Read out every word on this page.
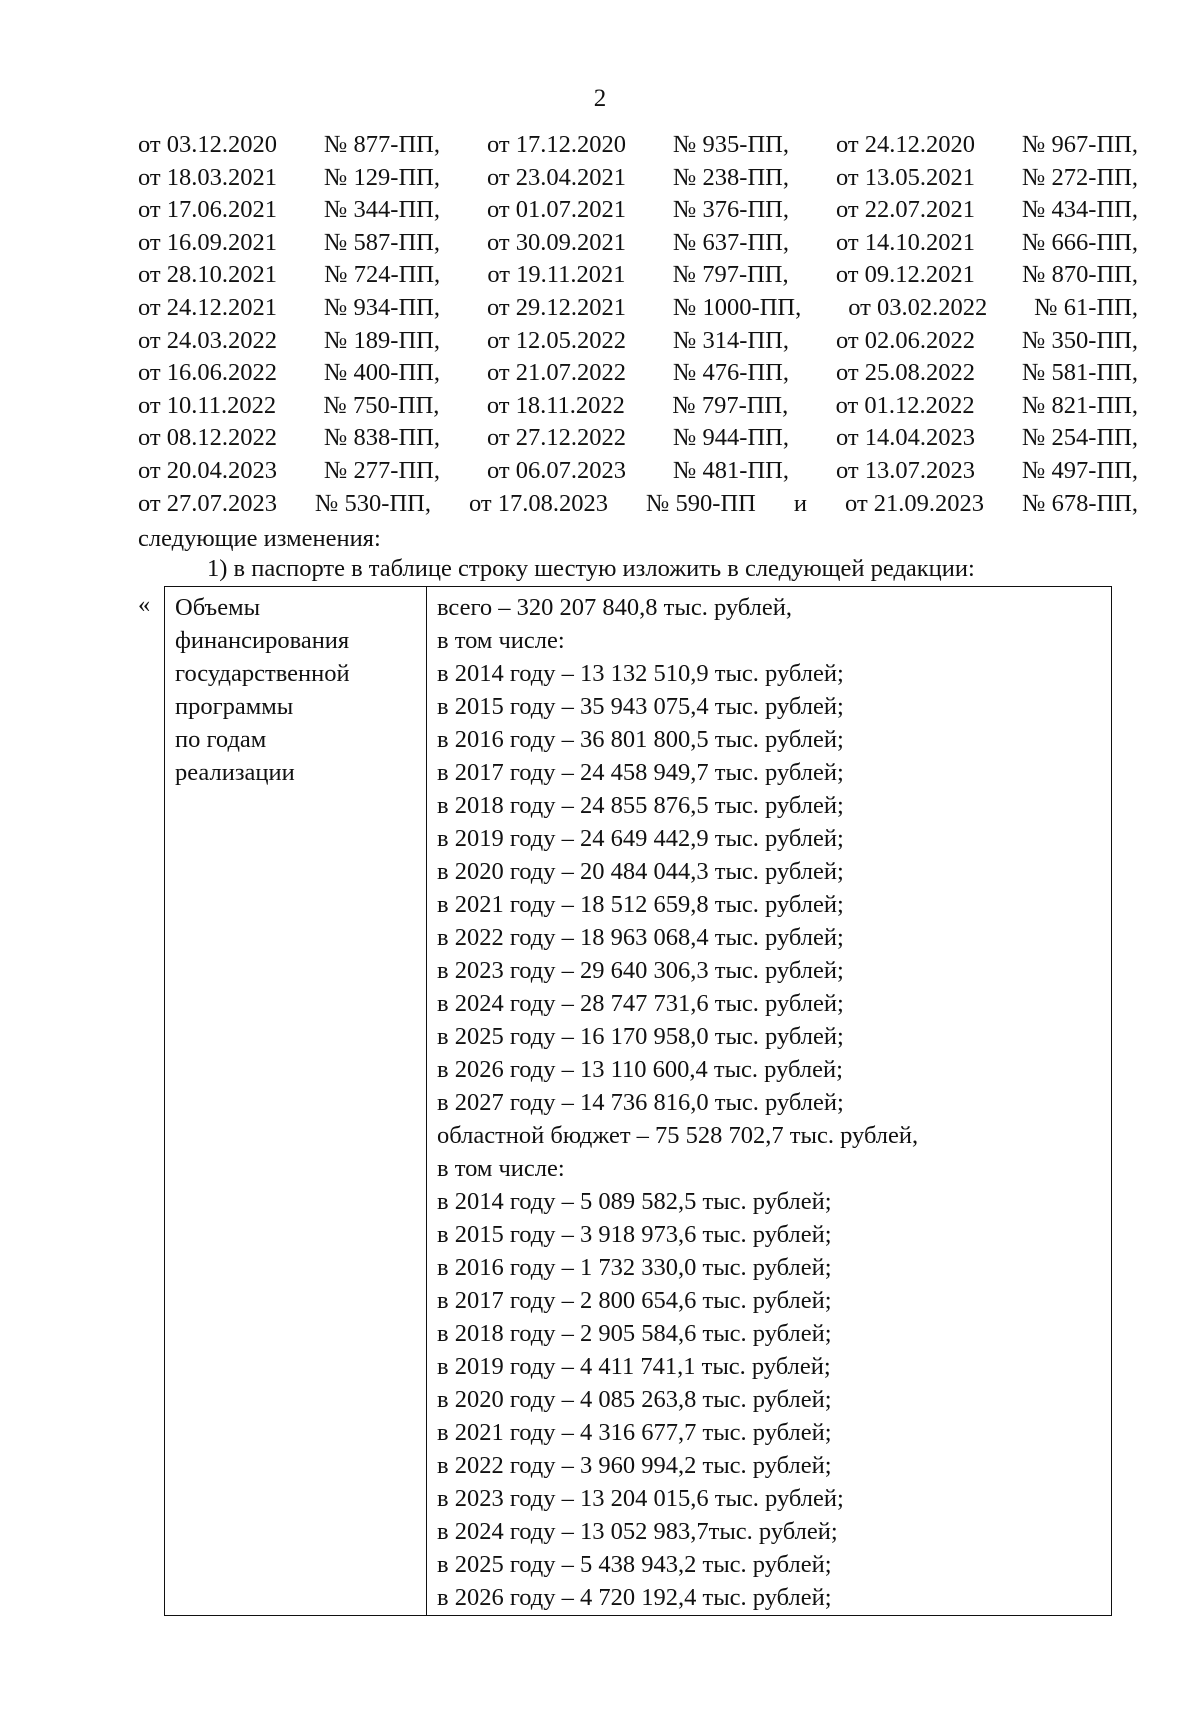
2
от 03.12.2020 № 877-ПП, от 17.12.2020 № 935-ПП, от 24.12.2020 № 967-ПП,
от 18.03.2021 № 129-ПП, от 23.04.2021 № 238-ПП, от 13.05.2021 № 272-ПП,
от 17.06.2021 № 344-ПП, от 01.07.2021 № 376-ПП, от 22.07.2021 № 434-ПП,
от 16.09.2021 № 587-ПП, от 30.09.2021 № 637-ПП, от 14.10.2021 № 666-ПП,
от 28.10.2021 № 724-ПП, от 19.11.2021 № 797-ПП, от 09.12.2021 № 870-ПП,
от 24.12.2021 № 934-ПП, от 29.12.2021 № 1000-ПП, от 03.02.2022 № 61-ПП,
от 24.03.2022 № 189-ПП, от 12.05.2022 № 314-ПП, от 02.06.2022 № 350-ПП,
от 16.06.2022 № 400-ПП, от 21.07.2022 № 476-ПП, от 25.08.2022 № 581-ПП,
от 10.11.2022 № 750-ПП, от 18.11.2022 № 797-ПП, от 01.12.2022 № 821-ПП,
от 08.12.2022 № 838-ПП, от 27.12.2022 № 944-ПП, от 14.04.2023 № 254-ПП,
от 20.04.2023 № 277-ПП, от 06.07.2023 № 481-ПП, от 13.07.2023 № 497-ПП,
от 27.07.2023 № 530-ПП, от 17.08.2023 № 590-ПП и от 21.09.2023 № 678-ПП,
следующие изменения:
1) в паспорте в таблице строку шестую изложить в следующей редакции:
« Объемы
финансирования
государственной
программы
по годам
реализации
всего – 320 207 840,8 тыс. рублей,
в том числе:
в 2014 году – 13 132 510,9 тыс. рублей;
в 2015 году – 35 943 075,4 тыс. рублей;
в 2016 году – 36 801 800,5 тыс. рублей;
в 2017 году – 24 458 949,7 тыс. рублей;
в 2018 году – 24 855 876,5 тыс. рублей;
в 2019 году – 24 649 442,9 тыс. рублей;
в 2020 году – 20 484 044,3 тыс. рублей;
в 2021 году – 18 512 659,8 тыс. рублей;
в 2022 году – 18 963 068,4 тыс. рублей;
в 2023 году – 29 640 306,3 тыс. рублей;
в 2024 году – 28 747 731,6 тыс. рублей;
в 2025 году – 16 170 958,0 тыс. рублей;
в 2026 году – 13 110 600,4 тыс. рублей;
в 2027 году – 14 736 816,0 тыс. рублей;
областной бюджет – 75 528 702,7 тыс. рублей,
в том числе:
в 2014 году – 5 089 582,5 тыс. рублей;
в 2015 году – 3 918 973,6 тыс. рублей;
в 2016 году – 1 732 330,0 тыс. рублей;
в 2017 году – 2 800 654,6 тыс. рублей;
в 2018 году – 2 905 584,6 тыс. рублей;
в 2019 году – 4 411 741,1 тыс. рублей;
в 2020 году – 4 085 263,8 тыс. рублей;
в 2021 году – 4 316 677,7 тыс. рублей;
в 2022 году – 3 960 994,2 тыс. рублей;
в 2023 году – 13 204 015,6 тыс. рублей;
в 2024 году – 13 052 983,7тыс. рублей;
в 2025 году – 5 438 943,2 тыс. рублей;
в 2026 году – 4 720 192,4 тыс. рублей;
